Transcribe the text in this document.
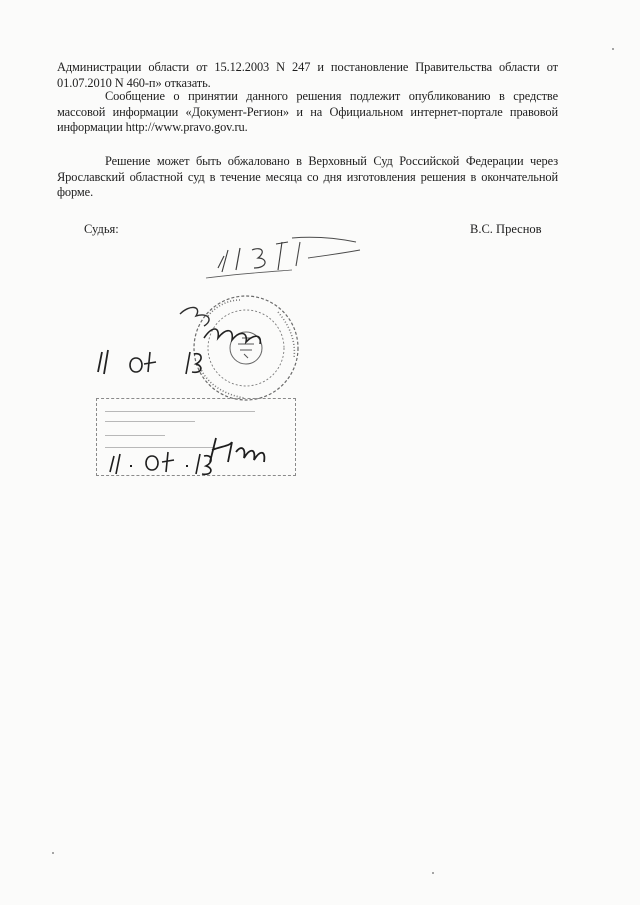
Администрации области от 15.12.2003 N 247 и постановление Правительства области от 01.07.2010 N 460-п» отказать.

Сообщение о принятии данного решения подлежит опубликованию в средстве массовой информации «Документ-Регион» и на Официальном интернет-портале правовой информации http://www.pravo.gov.ru.

Решение может быть обжаловано в Верховный Суд Российской Федерации через Ярославский областной суд в течение месяца со дня изготовления решения в окончательной форме.

Судья:	В.С. Преснов
